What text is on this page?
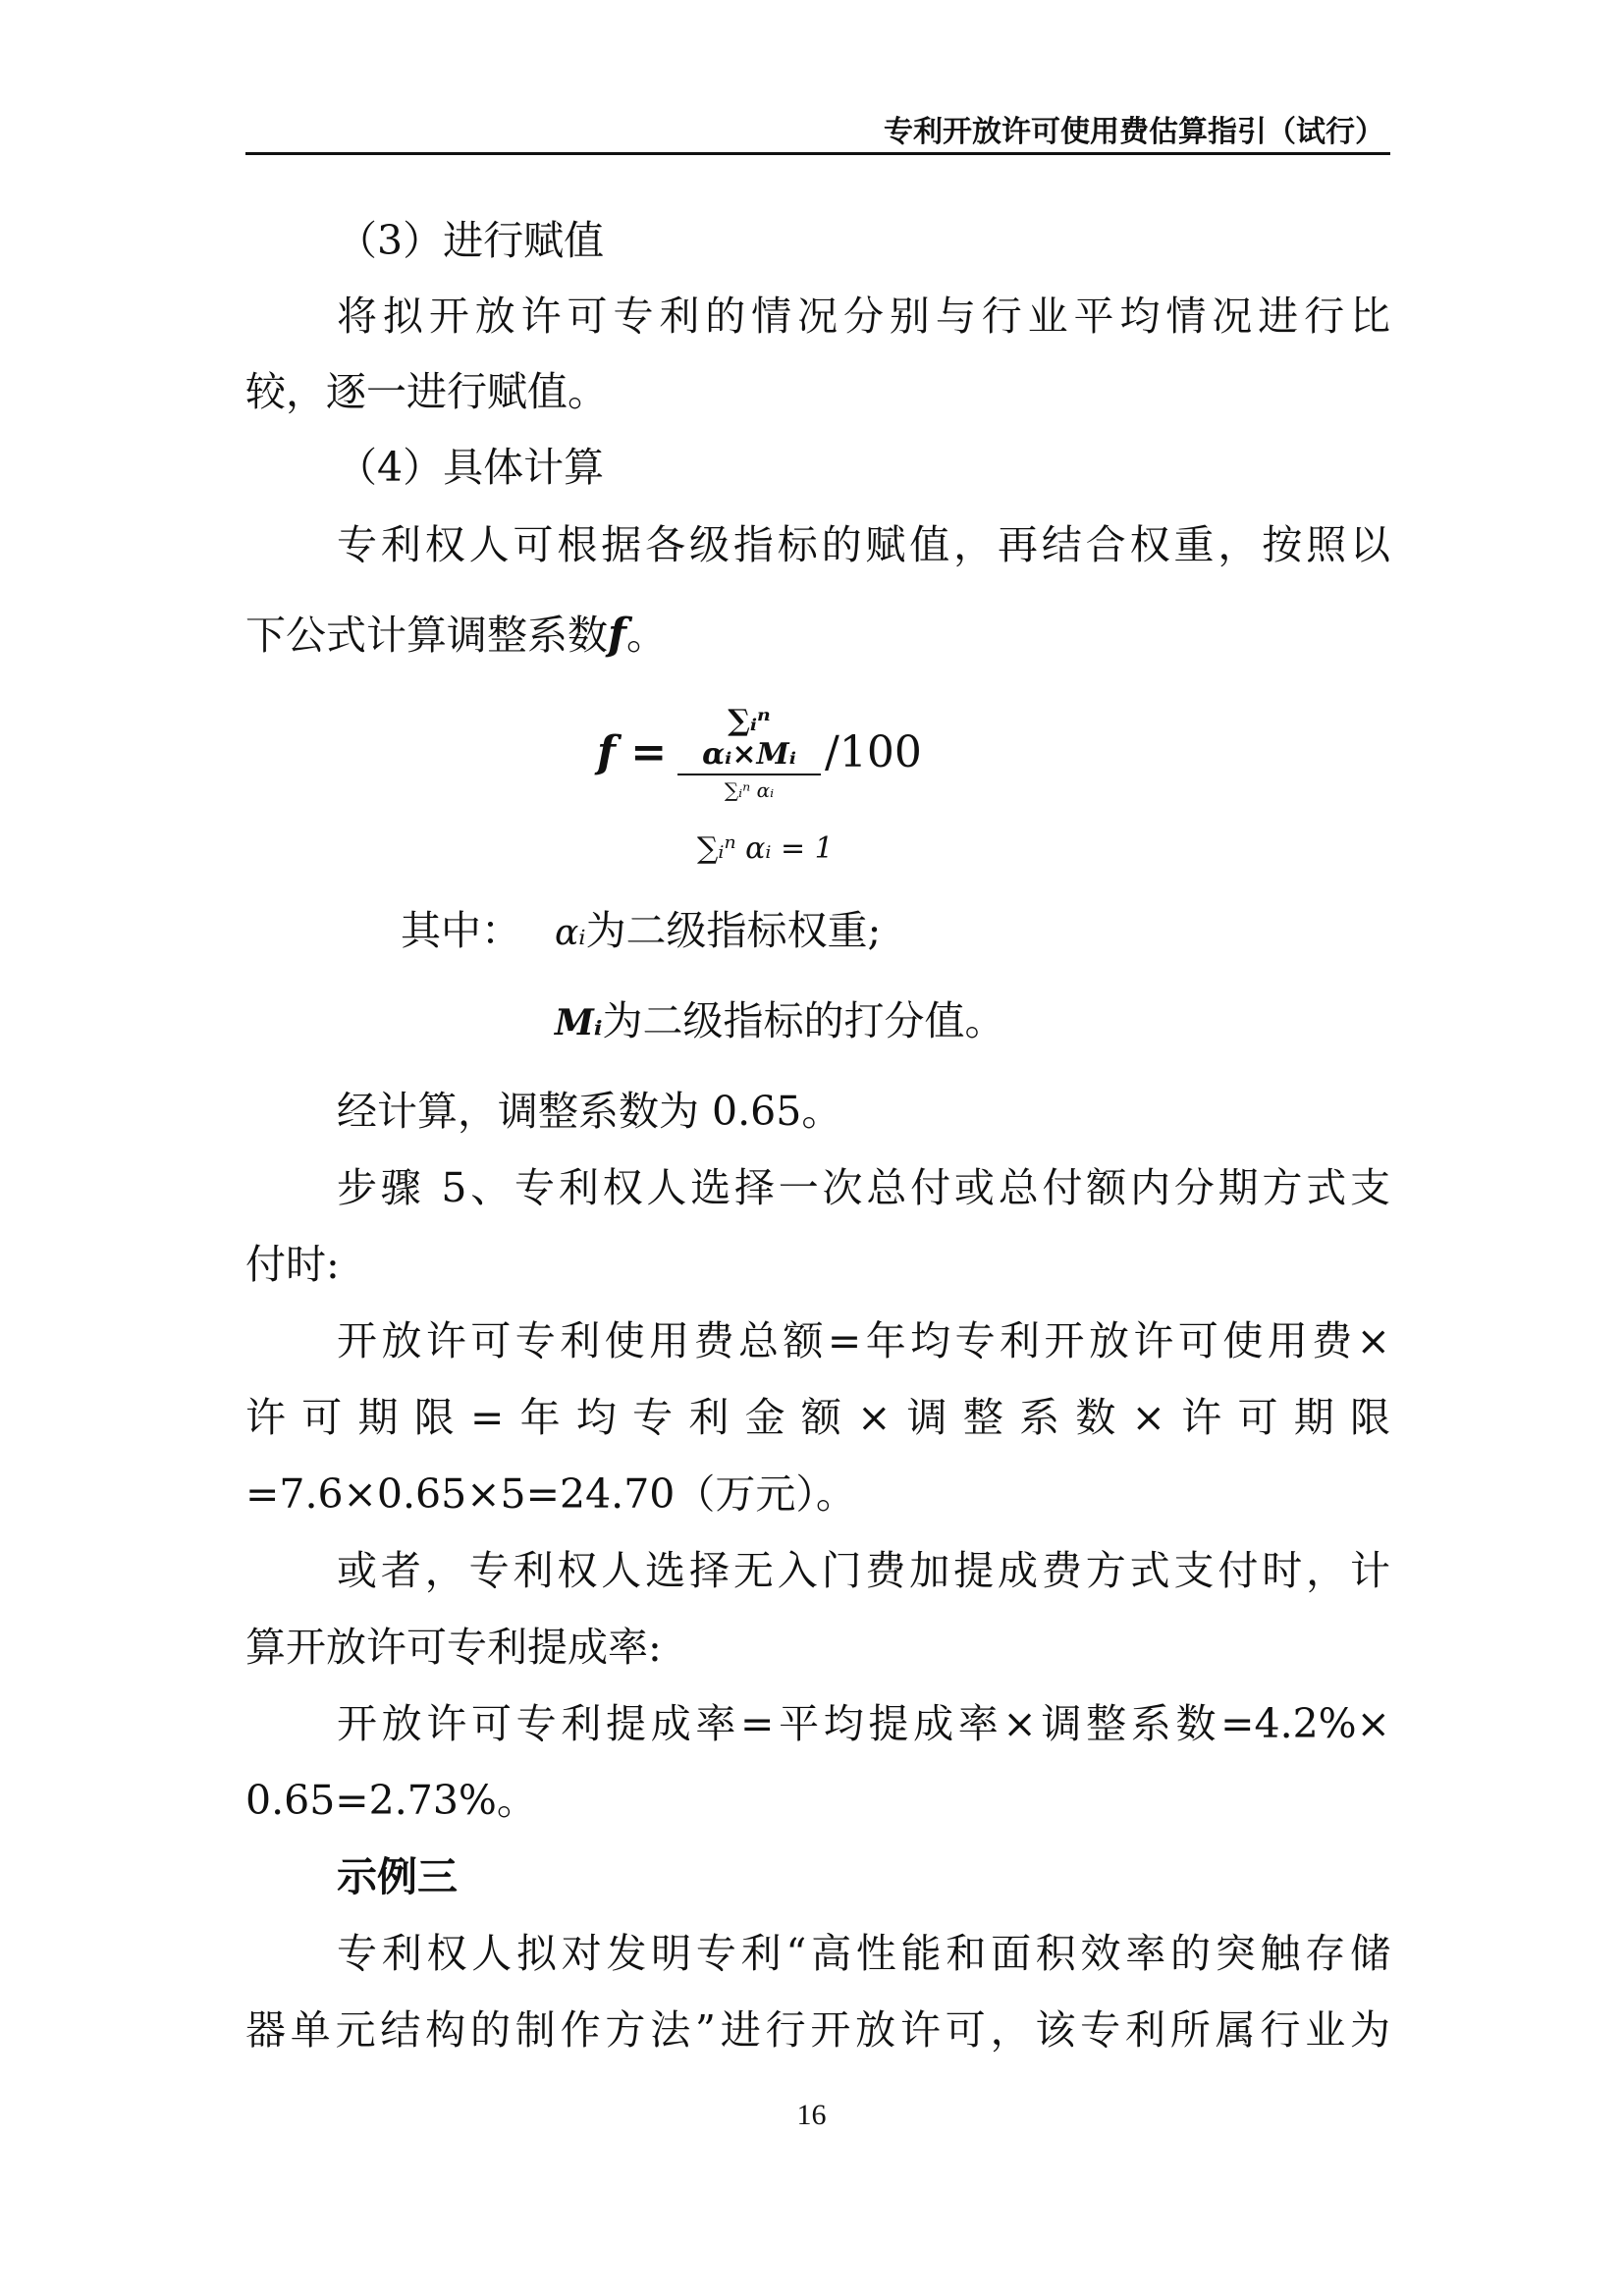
专利开放许可使用费估算指引（试行）
（3）进行赋值
将拟开放许可专利的情况分别与行业平均情况进行比
较，逐一进行赋值。
（4）具体计算
专利权人可根据各级指标的赋值，再结合权重，按照以
下公式计算调整系数f。
f =
∑ᵢⁿ αᵢ×Mᵢ
∑ᵢⁿ αᵢ
/100
∑ᵢⁿ αᵢ = 1
其中： αᵢ为二级指标权重;
Mᵢ为二级指标的打分值。
经计算，调整系数为 0.65。
步骤 5、专利权人选择一次总付或总付额内分期方式支
付时:
开放许可专利使用费总额=年均专利开放许可使用费×
许可期限=年均专利金额×调整系数×许可期限
=7.6×0.65×5=24.70（万元）。
或者，专利权人选择无入门费加提成费方式支付时，计
算开放许可专利提成率:
开放许可专利提成率=平均提成率×调整系数=4.2%×
0.65=2.73%。
示例三
专利权人拟对发明专利“高性能和面积效率的突触存储
器单元结构的制作方法”进行开放许可，该专利所属行业为
16
